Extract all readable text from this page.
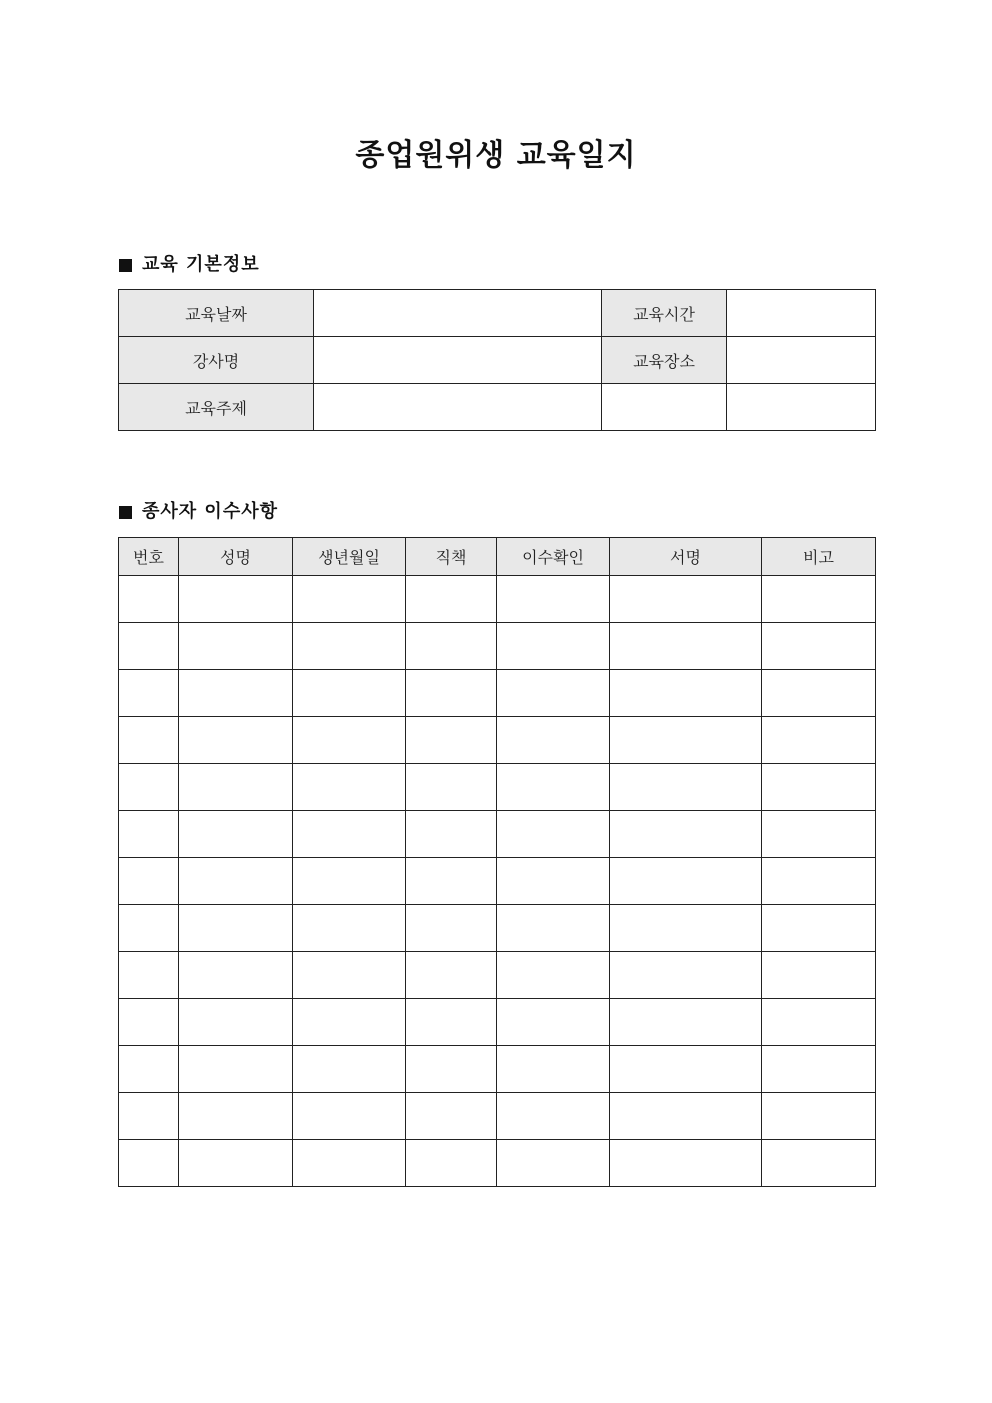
종업원위생 교육일지
교육 기본정보
교육날짜		교육시간	
강사명		교육장소	
교육주제			
종사자 이수사항
번호	성명	생년월일	직책	이수확인	서명	비고
